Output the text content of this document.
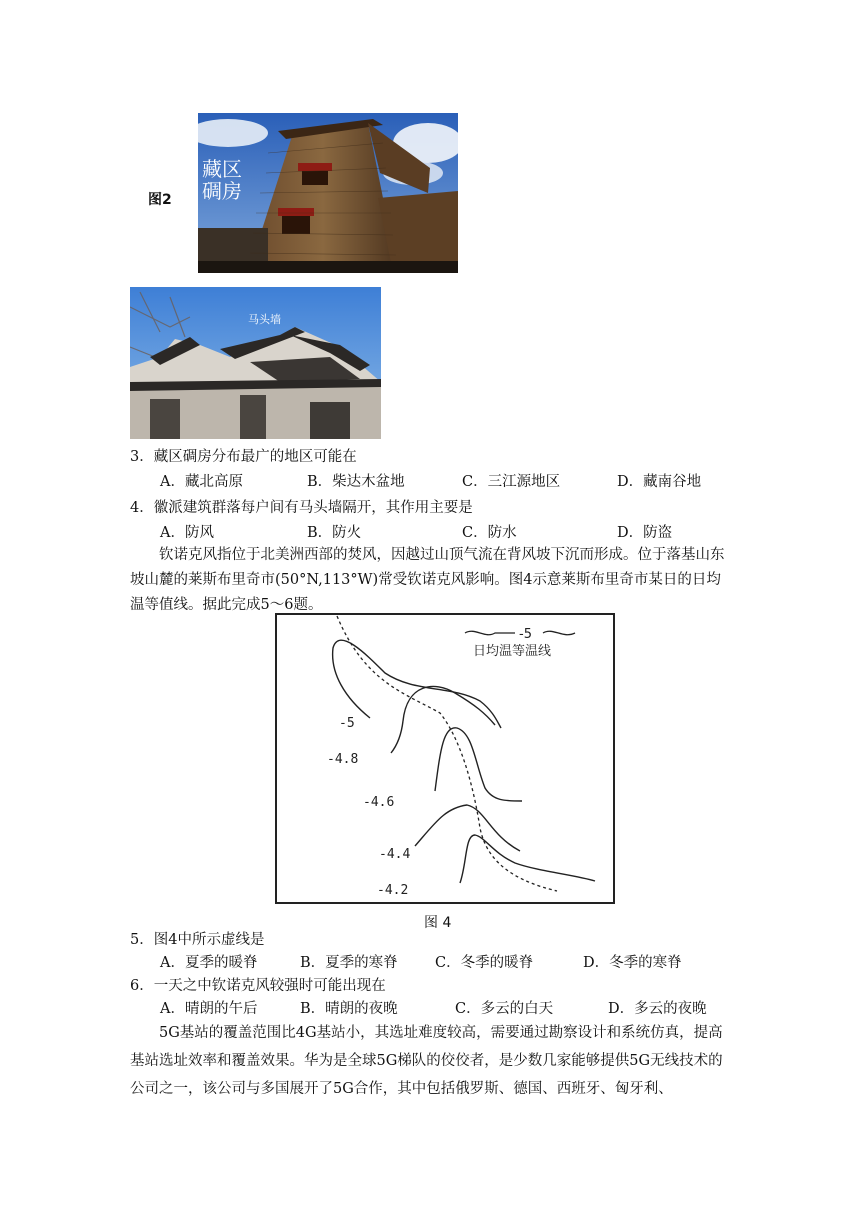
图2
藏区
碉房
马头墙
3．藏区碉房分布最广的地区可能在
A．藏北高原	B．柴达木盆地	C．三江源地区	D．藏南谷地
4．徽派建筑群落每户间有马头墙隔开，其作用主要是
A．防风	B．防火	C．防水	D．防盗
钦诺克风指位于北美洲西部的焚风，因越过山顶气流在背风坡下沉而形成。位于落基山东坡山麓的莱斯布里奇市(50°N,113°W)常受钦诺克风影响。图4示意莱斯布里奇市某日的日均温等值线。据此完成5～6题。
-5
日均温等温线
-5
-4.8
-4.6
-4.4
-4.2
图 4
5．图4中所示虚线是
A．夏季的暖脊	B．夏季的寒脊	C．冬季的暖脊	D．冬季的寒脊
6．一天之中钦诺克风较强时可能出现在
A．晴朗的午后	B．晴朗的夜晚	C．多云的白天	D．多云的夜晚
5G基站的覆盖范围比4G基站小，其选址难度较高，需要通过勘察设计和系统仿真，提高基站选址效率和覆盖效果。华为是全球5G梯队的佼佼者，是少数几家能够提供5G无线技术的公司之一，该公司与多国展开了5G合作，其中包括俄罗斯、德国、西班牙、匈牙利、
